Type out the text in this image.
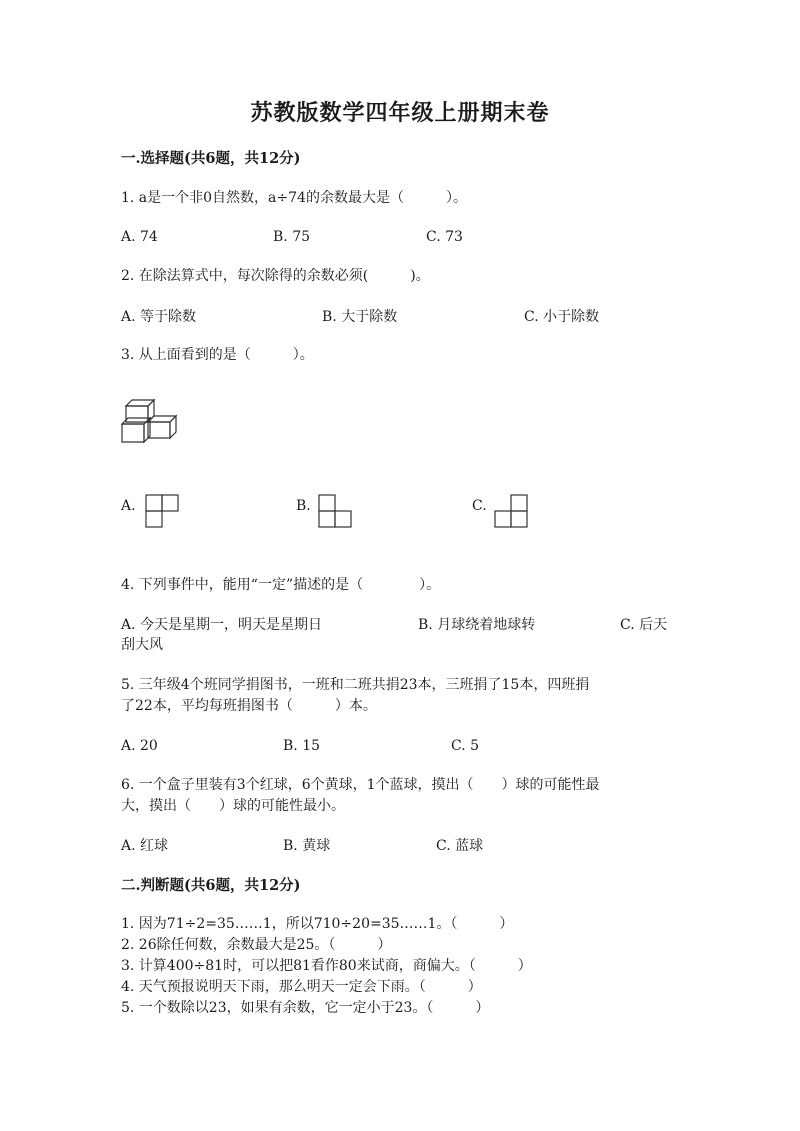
苏教版数学四年级上册期末卷
一.选择题(共6题，共12分)
1. a是一个非0自然数，a÷74的余数最大是（　　　）。
A. 74	B. 75	C. 73
2. 在除法算式中，每次除得的余数必须(　　　)。
A. 等于除数	B. 大于除数	C. 小于除数
3. 从上面看到的是（　　　）。
A.	B.	C.
4. 下列事件中，能用“一定”描述的是（　　　　）。
A. 今天是星期一，明天是星期日	B. 月球绕着地球转	C. 后天
刮大风
5. 三年级4个班同学捐图书，一班和二班共捐23本，三班捐了15本，四班捐
了22本，平均每班捐图书（　　　）本。
A. 20	B. 15	C. 5
6. 一个盒子里装有3个红球，6个黄球，1个蓝球，摸出（　　）球的可能性最
大，摸出（　　）球的可能性最小。
A. 红球	B. 黄球	C. 蓝球
二.判断题(共6题，共12分)
1. 因为71÷2=35……1，所以710÷20=35……1。（　　　）
2. 26除任何数，余数最大是25。（　　　）
3. 计算400÷81时，可以把81看作80来试商，商偏大。（　　　）
4. 天气预报说明天下雨，那么明天一定会下雨。（　　　）
5. 一个数除以23，如果有余数，它一定小于23。（　　　）
